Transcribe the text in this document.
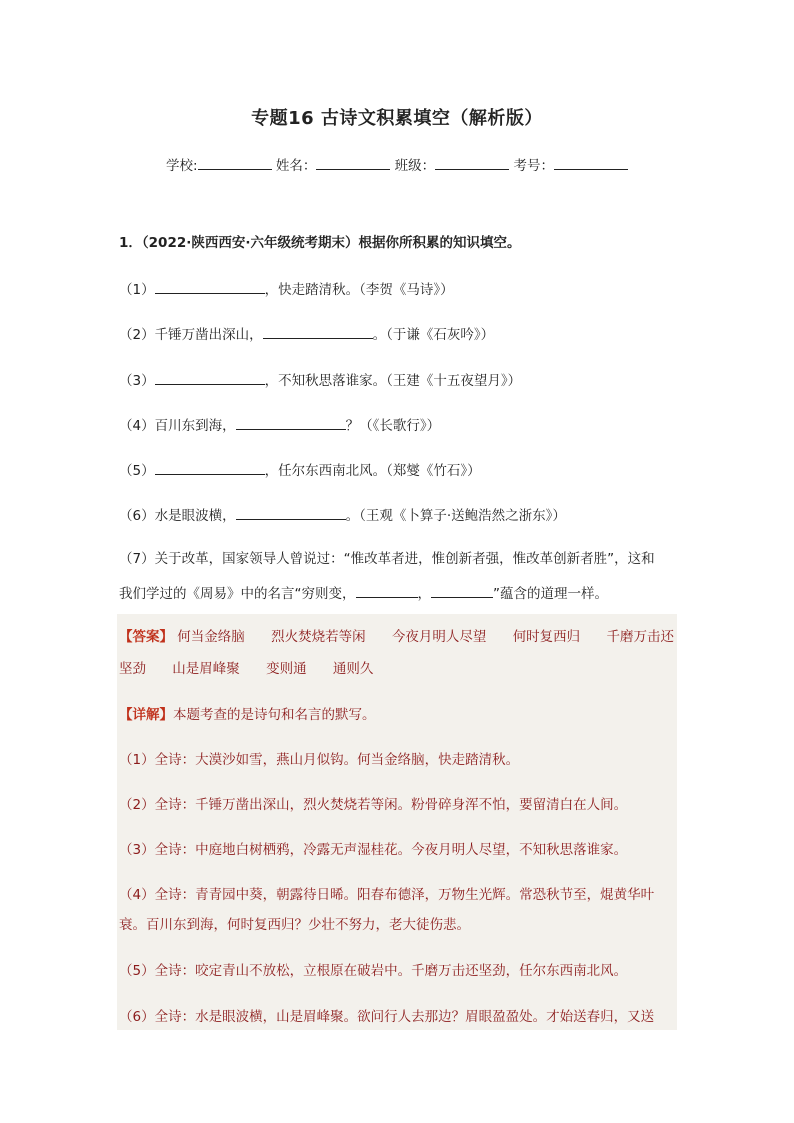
专题16 古诗文积累填空（解析版）
学校:	姓名：	班级：	考号：
1．（2022·陕西西安·六年级统考期末）根据你所积累的知识填空。
（1）	，快走踏清秋。（李贺《马诗》）
（2）千锤万凿出深山，	。（于谦《石灰吟》）
（3）	，不知秋思落谁家。（王建《十五夜望月》）
（4）百川东到海，	？（《长歌行》）
（5）	，任尔东西南北风。（郑燮《竹石》）
（6）水是眼波横，	。（王观《卜算子·送鲍浩然之浙东》）
（7）关于改革，国家领导人曾说过：“惟改革者进，惟创新者强，惟改革创新者胜”，这和
我们学过的《周易》中的名言“穷则变，	，	”蕴含的道理一样。
【答案】 何当金络脑 烈火焚烧若等闲 今夜月明人尽望 何时复西归 千磨万击还
坚劲 山是眉峰聚 变则通 通则久
【详解】本题考查的是诗句和名言的默写。
（1）全诗：大漠沙如雪，燕山月似钩。何当金络脑，快走踏清秋。
（2）全诗：千锤万凿出深山，烈火焚烧若等闲。粉骨碎身浑不怕，要留清白在人间。
（3）全诗：中庭地白树栖鸦，冷露无声湿桂花。今夜月明人尽望，不知秋思落谁家。
（4）全诗：青青园中葵，朝露待日晞。阳春布德泽，万物生光辉。常恐秋节至，焜黄华叶
衰。百川东到海，何时复西归？少壮不努力，老大徒伤悲。
（5）全诗：咬定青山不放松，立根原在破岩中。千磨万击还坚劲，任尔东西南北风。
（6）全诗：水是眼波横，山是眉峰聚。欲问行人去那边？眉眼盈盈处。才始送春归，又送
